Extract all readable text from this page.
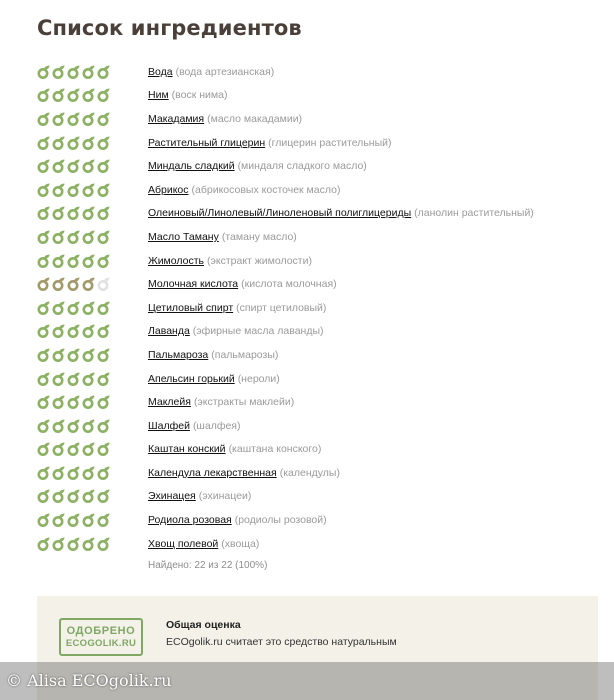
Список ингредиентов
Вода (вода артезианская)
Ним (воск нима)
Макадамия (масло макадамии)
Растительный глицерин (глицерин растительный)
Миндаль сладкий (миндаля сладкого масло)
Абрикос (абрикосовых косточек масло)
Олеиновый/Линолевый/Линоленовый полиглицериды (ланолин растительный)
Масло Таману (таману масло)
Жимолость (экстракт жимолости)
Молочная кислота (кислота молочная)
Цетиловый спирт (спирт цетиловый)
Лаванда (эфирные масла лаванды)
Пальмароза (пальмарозы)
Апельсин горький (нероли)
Маклейя (экстракты маклейи)
Шалфей (шалфея)
Каштан конский (каштана конского)
Календула лекарственная (календулы)
Эхинацея (эхинацеи)
Родиола розовая (родиолы розовой)
Хвощ полевой (хвоща)
Найдено: 22 из 22 (100%)
ОДОБРЕНО
ECOGOLIK.RU
Общая оценка
ECOgolik.ru считает это средство натуральным
© Alisa ECOgolik.ru
